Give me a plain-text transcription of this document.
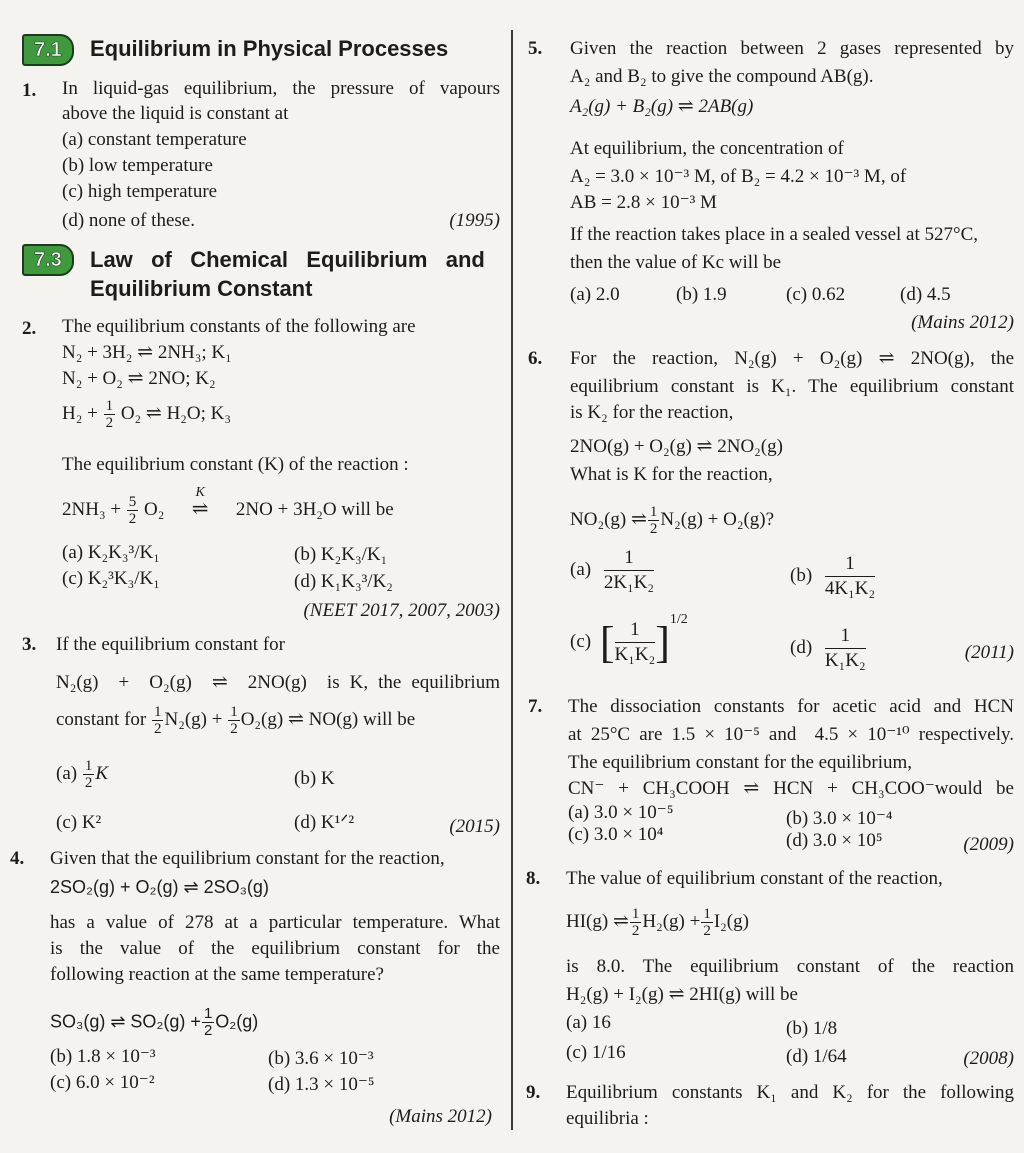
7.1	Equilibrium in Physical Processes
1. In liquid-gas equilibrium, the pressure of vapours
above the liquid is constant at
(a) constant temperature
(b) low temperature
(c) high temperature
(d) none of these.	(1995)
7.3	Law   of   Chemical   Equilibrium   and
Equilibrium Constant
2. The equilibrium constants of the following are
N₂ + 3H₂ ⇌ 2NH₃; K₁
N₂ + O₂ ⇌ 2NO; K₂
$H_2 + \frac{1}{2} O_2$ ⇌ H₂O; K₃
The equilibrium constant (K) of the reaction :
$2NH_3 + \frac{5}{2} O_2$
K
⇌ 2NO + 3H₂O will be
(a) K₂K₃³/K₁	(b) K₂K₃/K₁
(c) K₂³K₃/K₁	(d) K₁K₃³/K₂
(NEET 2017, 2007, 2003)
3. If the equilibrium constant for
N₂(g)  +  O₂(g)  ⇌  2NO(g)  is K, the equilibrium
constant for $\frac{1}{2} N_2(g) + \frac{1}{2} O_2(g)$ ⇌ NO(g) will be
$(a) \frac{1}{2}$ K	(b) K
(c) K²	(d) K¹ᐟ²	(2015)
4. Given that the equilibrium constant for the reaction,
2SO₂(g) + O₂(g) ⇌ 2SO₃(g)
has a value of 278 at a particular temperature. What
is the value of the equilibrium constant for the
following reaction at the same temperature?
SO₃(g) ⇌ $SO_2(g) + \frac{1}{2} O_2(g)$
(b) 1.8 × 10⁻³	(b) 3.6 × 10⁻³
(c) 6.0 × 10⁻²	(d) 1.3 × 10⁻⁵
(Mains 2012)
5. Given the reaction between 2 gases represented by
A₂ and B₂ to give the compound AB(g).
A₂(g) + B₂(g) ⇌ 2AB(g)
At equilibrium, the concentration of
A₂ = 3.0 × 10⁻³ M, of B₂ = 4.2 × 10⁻³ M, of
AB = 2.8 × 10⁻³ M
If the reaction takes place in a sealed vessel at 527°C,
then the value of Kc will be
(a) 2.0	(b) 1.9	(c) 0.62	(d) 4.5
(Mains 2012)
6. For  the  reaction,  N₂(g)  +  O₂(g)  ⇌  2NO(g),  the
equilibrium constant is K₁. The equilibrium constant
is K₂ for the reaction,
2NO(g) + O₂(g) ⇌ 2NO₂(g)
What is K for the reaction,
NO₂(g) ⇌ $\frac{1}{2} N_2(g) + O_2(g)$?
$(a) \frac{1}{\text{2K₁K₂}}$	$(b) \frac{1}{\text{4K₁K₂}}$
(c) [ $\frac{1}{\text{K₁K₂}} ]^{1/2}$
$(d) \frac{1}{\text{K₁K₂}}$	(2011)
7. The dissociation constants for acetic acid and HCN
at 25°C are 1.5 × 10⁻⁵ and  4.5 × 10⁻¹⁰ respectively.
The equilibrium constant for the equilibrium,
CN⁻ + CH₃COOH ⇌ HCN + CH₃COO⁻would be
(a) 3.0 × 10⁻⁵	(b) 3.0 × 10⁻⁴
(c) 3.0 × 10⁴	(d) 3.0 × 10⁵	(2009)
8. The value of equilibrium constant of the reaction,
HI(g) ⇌ $\frac{1}{2} H_2(g) + \frac{1}{2} I_2(g)$
is  8.0.  The  equilibrium  constant  of  the  reaction
H₂(g) + I₂(g) ⇌ 2HI(g) will be
(a) 16	(b) 1/8
(c) 1/16	(d) 1/64	(2008)
9. Equilibrium constants K₁ and K₂ for the following
equilibria :
